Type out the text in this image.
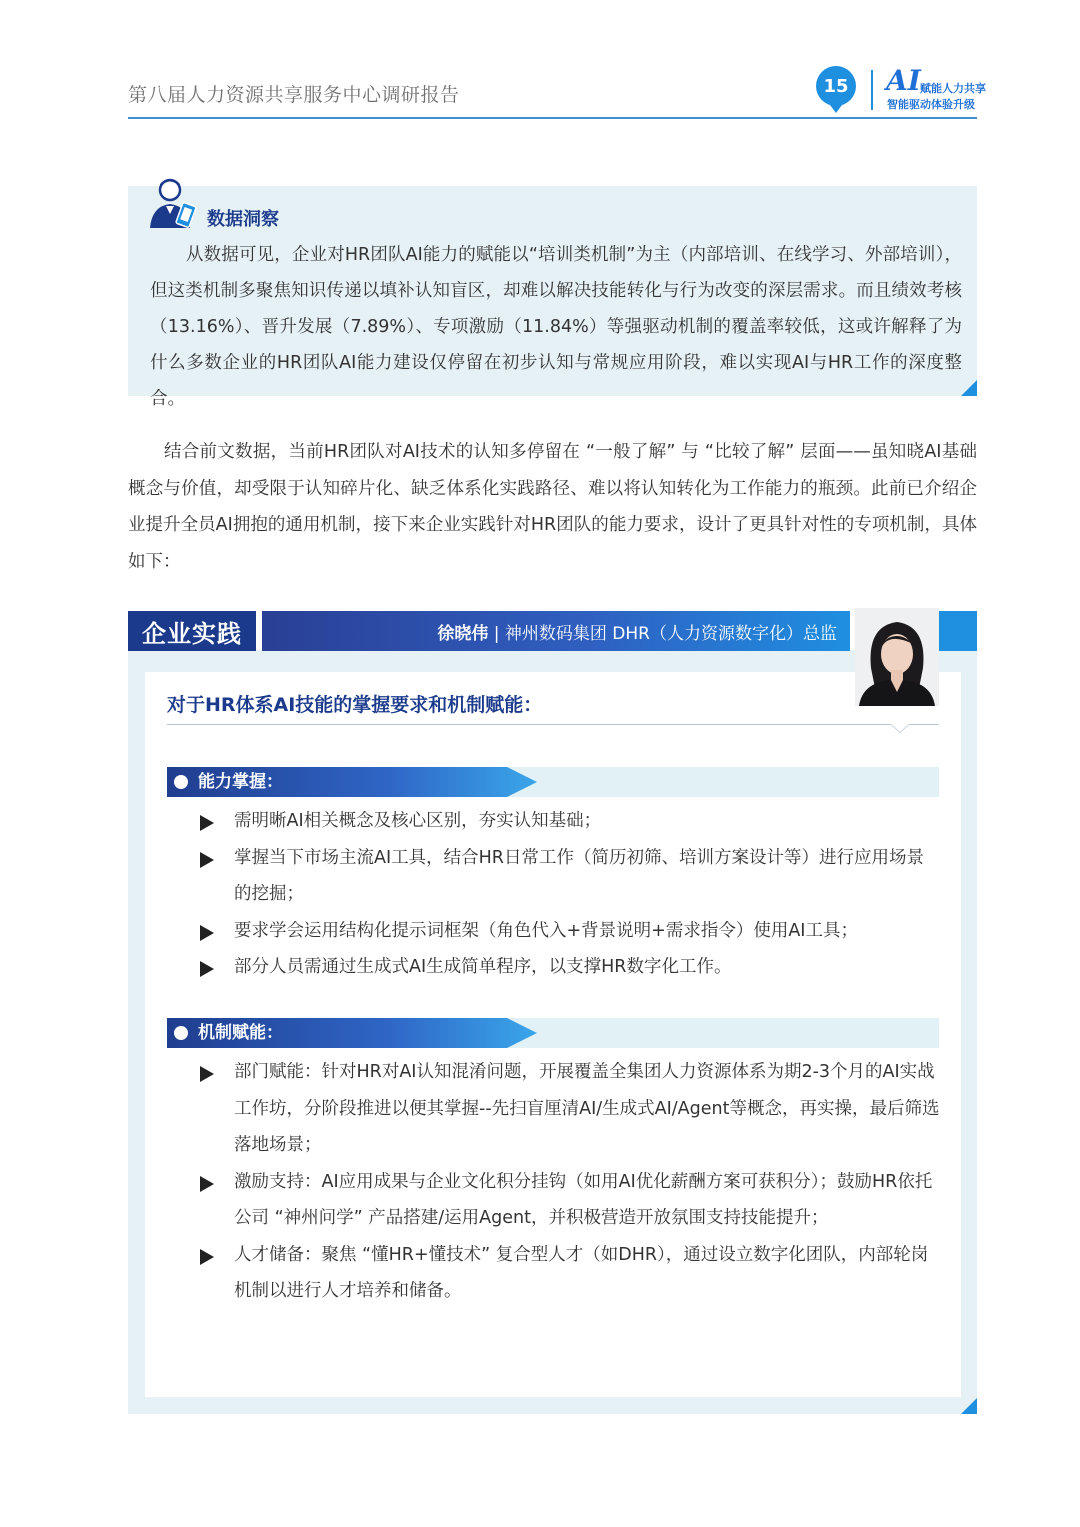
第八届人力资源共享服务中心调研报告	15 AI 赋能人力共享
智能驱动体验升级
数据洞察
从数据可见，企业对HR团队AI能力的赋能以“培训类机制”为主（内部培训、在线学习、外部培训），但这类机制多聚焦知识传递以填补认知盲区，却难以解决技能转化与行为改变的深层需求。而且绩效考核（13.16%）、晋升发展（7.89%）、专项激励（11.84%）等强驱动机制的覆盖率较低，这或许解释了为什么多数企业的HR团队AI能力建设仅停留在初步认知与常规应用阶段，难以实现AI与HR工作的深度整合。
结合前文数据，当前HR团队对AI技术的认知多停留在 “一般了解” 与 “比较了解” 层面——虽知晓AI基础概念与价值，却受限于认知碎片化、缺乏体系化实践路径、难以将认知转化为工作能力的瓶颈。此前已介绍企业提升全员AI拥抱的通用机制，接下来企业实践针对HR团队的能力要求，设计了更具针对性的专项机制，具体如下：
企业实践	徐晓伟
| 神州数码集团 DHR（人力资源数字化）总监
对于HR体系AI技能的掌握要求和机制赋能：
能力掌握：
需明晰AI相关概念及核心区别，夯实认知基础；
掌握当下市场主流AI工具，结合HR日常工作（简历初筛、培训方案设计等）进行应用场景的挖掘；
要求学会运用结构化提示词框架（角色代入+背景说明+需求指令）使用AI工具；
部分人员需通过生成式AI生成简单程序，以支撑HR数字化工作。
机制赋能：
部门赋能：针对HR对AI认知混淆问题，开展覆盖全集团人力资源体系为期2-3个月的AI实战工作坊，分阶段推进以便其掌握--先扫盲厘清AI/生成式AI/Agent等概念，再实操，最后筛选落地场景；
激励支持：AI应用成果与企业文化积分挂钩（如用AI优化薪酬方案可获积分）；鼓励HR依托公司 “神州问学” 产品搭建/运用Agent，并积极营造开放氛围支持技能提升；
人才储备：聚焦 “懂HR+懂技术” 复合型人才（如DHR），通过设立数字化团队，内部轮岗机制以进行人才培养和储备。
